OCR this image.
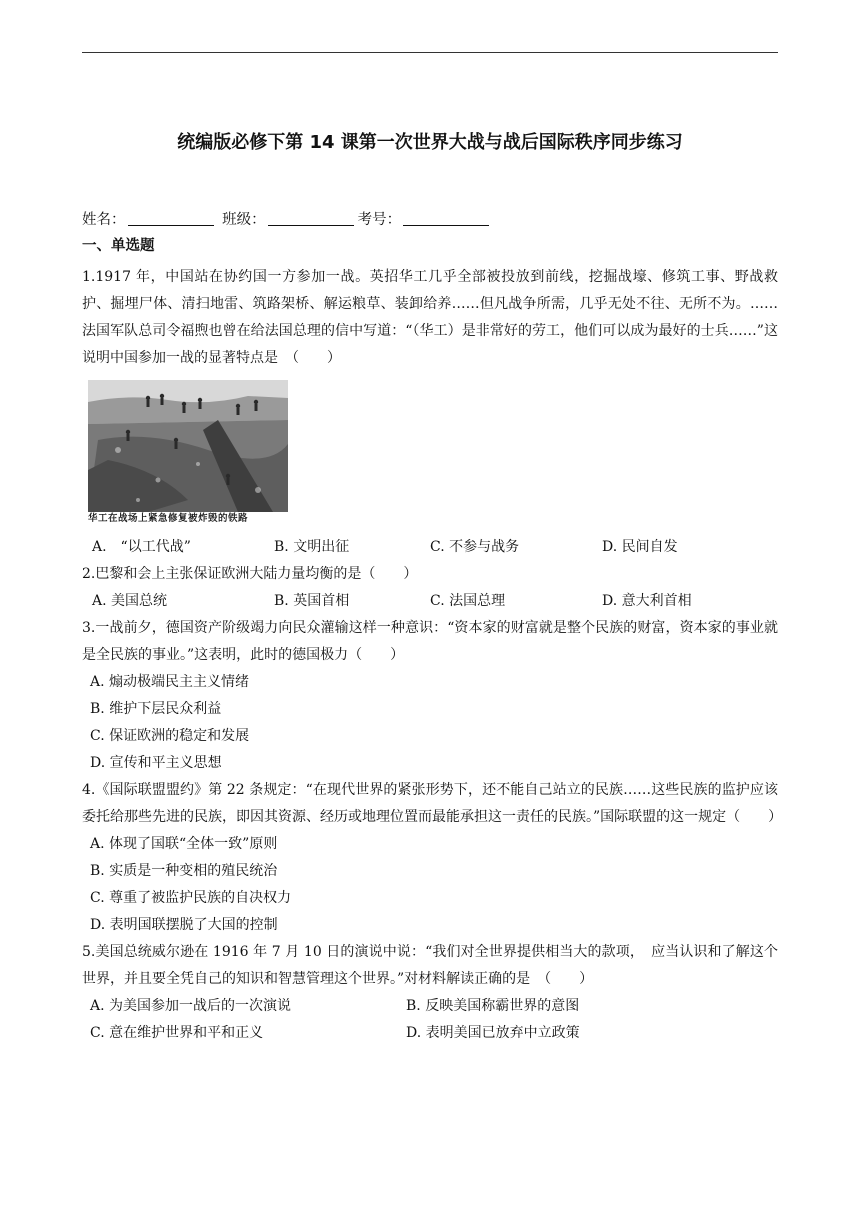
统编版必修下第 14 课第一次世界大战与战后国际秩序同步练习
姓名：	班级：	考号：
一、单选题

1.1917 年，中国站在协约国一方参加一战。英招华工几乎全部被投放到前线，挖掘战壕、修筑工事、野战救护、掘埋尸体、清扫地雷、筑路架桥、解运粮草、装卸给养……但凡战争所需，几乎无处不往、无所不为。……法国军队总司令福煦也曾在给法国总理的信中写道：“（华工）是非常好的劳工，他们可以成为最好的士兵……”这说明中国参加一战的显著特点是　（　　）

华工在战场上紧急修复被炸毁的铁路
A.　“以工代战”	B. 文明出征	C. 不参与战务	D. 民间自发

2.巴黎和会上主张保证欧洲大陆力量均衡的是（　　）

A. 美国总统	B. 英国首相	C. 法国总理	D. 意大利首相

3.一战前夕，德国资产阶级竭力向民众灌输这样一种意识：“资本家的财富就是整个民族的财富，资本家的事业就是全民族的事业。”这表明，此时的德国极力（　　）

A. 煽动极端民主主义情绪
B. 维护下层民众利益
C. 保证欧洲的稳定和发展
D. 宣传和平主义思想

4.《国际联盟盟约》第 22 条规定：“在现代世界的紧张形势下，还不能自己站立的民族……这些民族的监护应该委托给那些先进的民族，即因其资源、经历或地理位置而最能承担这一责任的民族。”国际联盟的这一规定（　　）

A. 体现了国联“全体一致”原则
B. 实质是一种变相的殖民统治
C. 尊重了被监护民族的自决权力
D. 表明国联摆脱了大国的控制

5.美国总统威尔逊在 1916 年 7 月 10 日的演说中说：“我们对全世界提供相当大的款项，　应当认识和了解这个世界，并且要全凭自己的知识和智慧管理这个世界。”对材料解读正确的是　（　　）

A. 为美国参加一战后的一次演说	B. 反映美国称霸世界的意图
C. 意在维护世界和平和正义	D. 表明美国已放弃中立政策
